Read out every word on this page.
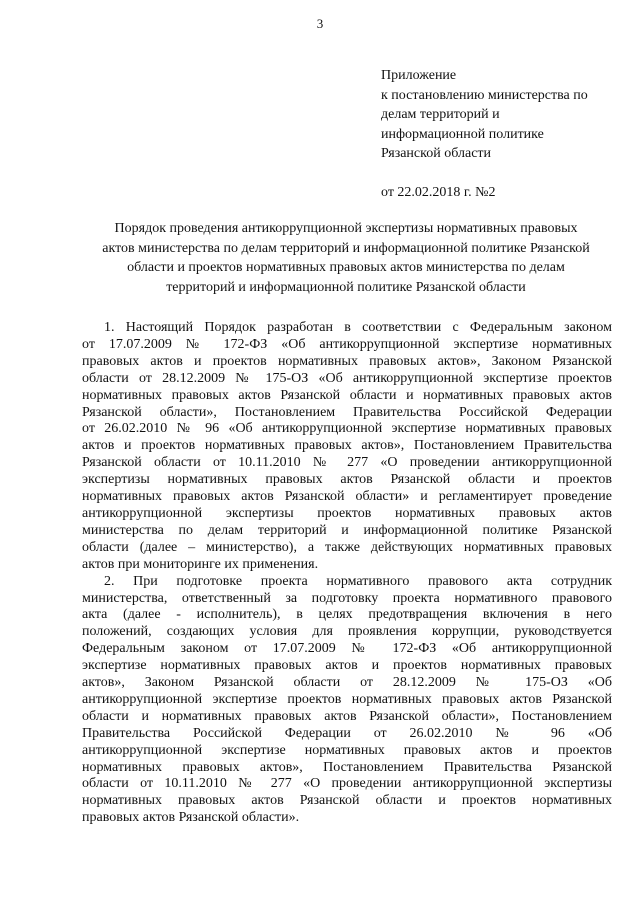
3
Приложение
к постановлению министерства по
делам территорий и
информационной политике
Рязанской области
от 22.02.2018 г. №2
Порядок проведения антикоррупционной экспертизы нормативных правовых
актов министерства по делам территорий и информационной политике Рязанской
области и проектов нормативных правовых актов министерства по делам
территорий и информационной политике Рязанской области
1. Настоящий Порядок разработан в соответствии с Федеральным законом
от 17.07.2009 № 172-ФЗ «Об антикоррупционной экспертизе нормативных
правовых актов и проектов нормативных правовых актов», Законом Рязанской
области от 28.12.2009 № 175-ОЗ «Об антикоррупционной экспертизе проектов
нормативных правовых актов Рязанской области и нормативных правовых актов
Рязанской области», Постановлением Правительства Российской Федерации
от 26.02.2010 № 96 «Об антикоррупционной экспертизе нормативных правовых
актов и проектов нормативных правовых актов», Постановлением Правительства
Рязанской области от 10.11.2010 № 277 «О проведении антикоррупционной
экспертизы нормативных правовых актов Рязанской области и проектов
нормативных правовых актов Рязанской области» и регламентирует проведение
антикоррупционной экспертизы проектов нормативных правовых актов
министерства по делам территорий и информационной политике Рязанской
области (далее – министерство), а также действующих нормативных правовых
актов при мониторинге их применения.
2. При подготовке проекта нормативного правового акта сотрудник
министерства, ответственный за подготовку проекта нормативного правового
акта (далее - исполнитель), в целях предотвращения включения в него
положений, создающих условия для проявления коррупции, руководствуется
Федеральным законом от 17.07.2009 № 172-ФЗ «Об антикоррупционной
экспертизе нормативных правовых актов и проектов нормативных правовых
актов», Законом Рязанской области от 28.12.2009 № 175-ОЗ «Об
антикоррупционной экспертизе проектов нормативных правовых актов Рязанской
области и нормативных правовых актов Рязанской области», Постановлением
Правительства Российской Федерации от 26.02.2010 № 96 «Об
антикоррупционной экспертизе нормативных правовых актов и проектов
нормативных правовых актов», Постановлением Правительства Рязанской
области от 10.11.2010 № 277 «О проведении антикоррупционной экспертизы
нормативных правовых актов Рязанской области и проектов нормативных
правовых актов Рязанской области».
